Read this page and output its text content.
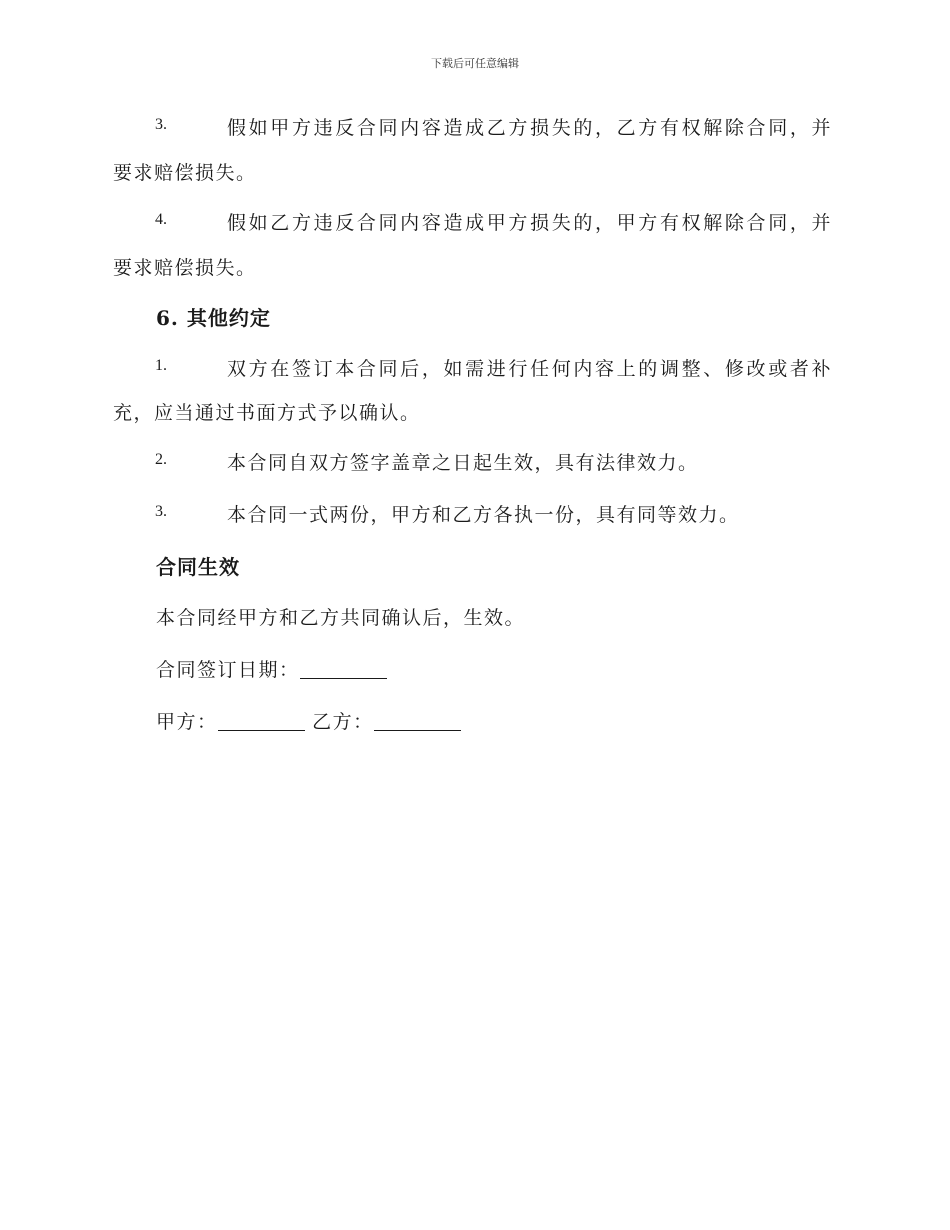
下载后可任意编辑
3.	假如甲方违反合同内容造成乙方损失的，乙方有权解除合同，并
要求赔偿损失。
4.	假如乙方违反合同内容造成甲方损失的，甲方有权解除合同，并
要求赔偿损失。
6. 其他约定
1.	双方在签订本合同后，如需进行任何内容上的调整、修改或者补
充，应当通过书面方式予以确认。
2.	本合同自双方签字盖章之日起生效，具有法律效力。
3.	本合同一式两份，甲方和乙方各执一份，具有同等效力。
合同生效
本合同经甲方和乙方共同确认后，生效。
合同签订日期：
甲方：	乙方：
